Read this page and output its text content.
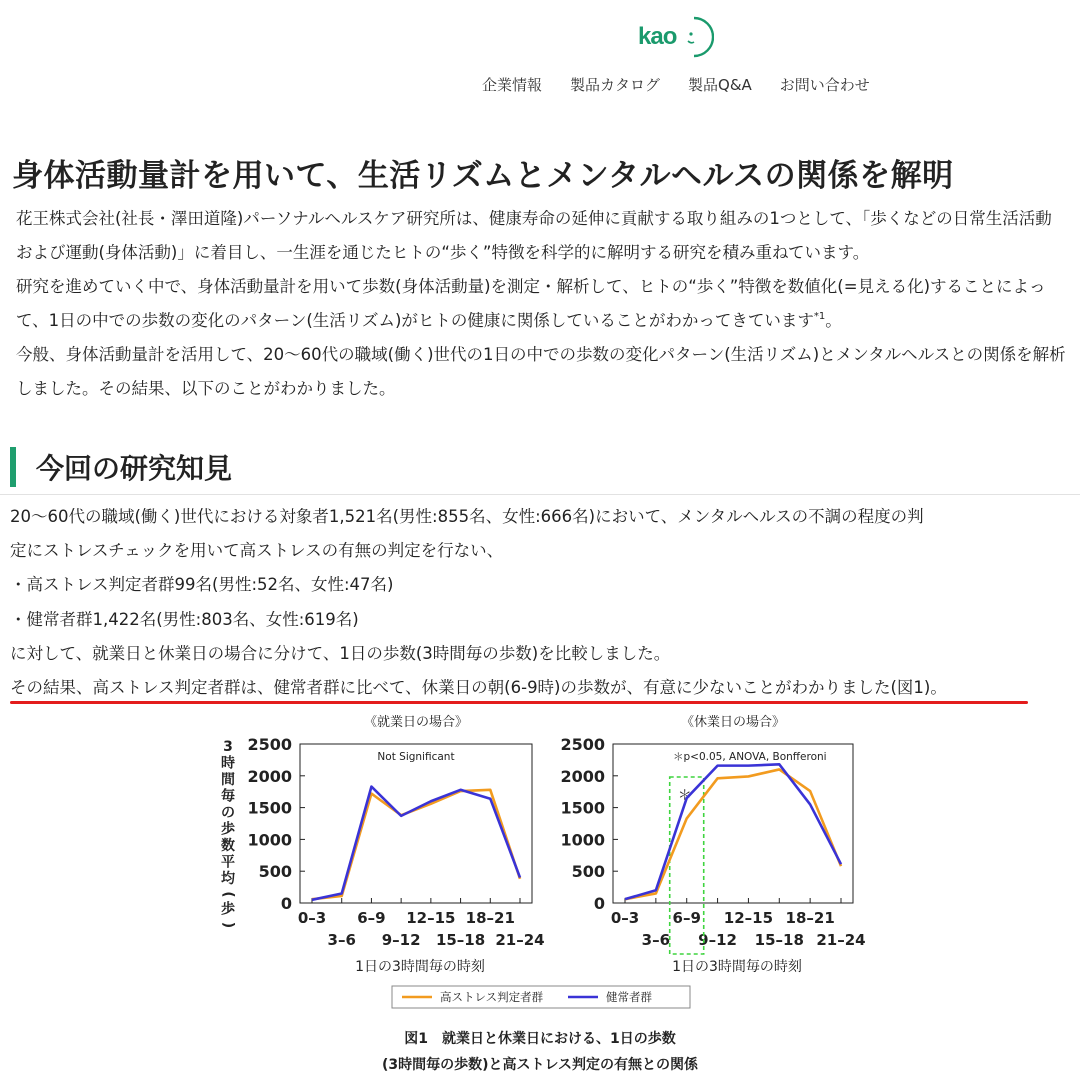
kao
企業情報 製品カタログ 製品Q&A お問い合わせ
身体活動量計を用いて、生活リズムとメンタルヘルスの関係を解明

花王株式会社(社長・澤田道隆)パーソナルヘルスケア研究所は、健康寿命の延伸に貢献する取り組みの1つとして、「歩くなどの日常生活活動および運動(身体活動)」に着目し、一生涯を通じたヒトの“歩く”特徴を科学的に解明する研究を積み重ねています。

研究を進めていく中で、身体活動量計を用いて歩数(身体活動量)を測定・解析して、ヒトの“歩く”特徴を数値化(=見える化)することによって、1日の中での歩数の変化のパターン(生活リズム)がヒトの健康に関係していることがわかってきています$^{*1}$。

今般、身体活動量計を活用して、20〜60代の職域(働く)世代の1日の中での歩数の変化パターン(生活リズム)とメンタルヘルスとの関係を解析しました。その結果、以下のことがわかりました。

今回の研究知見
20〜60代の職域(働く)世代における対象者1,521名(男性:855名、女性:666名)において、メンタルヘルスの不調の程度の判
定にストレスチェックを用いて高ストレスの有無の判定を行ない、
・高ストレス判定者群99名(男性:52名、女性:47名)
・健常者群1,422名(男性:803名、女性:619名)
に対して、就業日と休業日の場合に分けて、1日の歩数(3時間毎の歩数)を比較しました。
その結果、高ストレス判定者群は、健常者群に比べて、休業日の朝(6-9時)の歩数が、有意に少ないことがわかりました(図1)。
《就業日の場合》
0
500
1000
1500
2000
2500
0–3
3–6
6–9
9–12
12–15
15–18
18–21
21–24
1日の3時間毎の時刻
Not Significant
《休業日の場合》
0
500
1000
1500
2000
2500
0–3
3–6
6–9
9–12
12–15
15–18
18–21
21–24
1日の3時間毎の時刻
＊p<0.05, ANOVA, Bonfferoni
＊
3
時
間
毎
の
歩
数
平
均
(
歩
)
高ストレス判定者群	健常者群
図1　就業日と休業日における、1日の歩数
(3時間毎の歩数)と高ストレス判定の有無との関係
